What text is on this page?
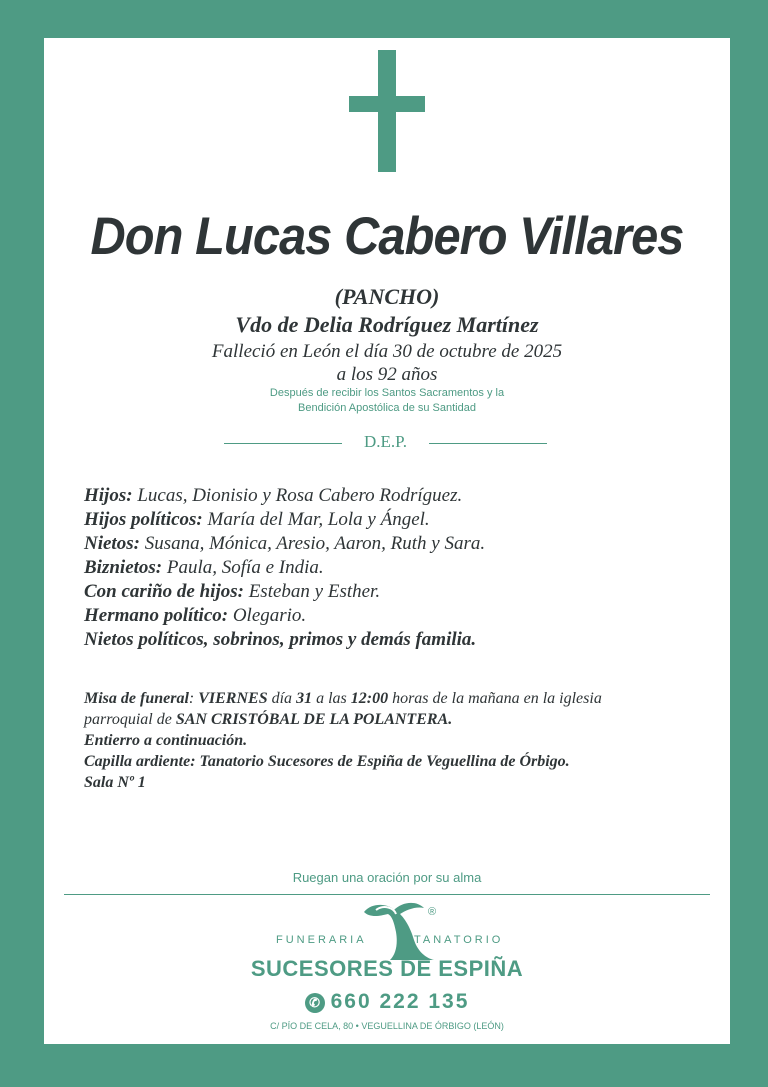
Don Lucas Cabero Villares
(PANCHO)
Vdo de Delia Rodríguez Martínez
Falleció en León el día 30 de octubre de 2025
a los 92 años
Después de recibir los Santos Sacramentos y la
Bendición Apostólica de su Santidad
D.E.P.
Hijos: Lucas, Dionisio y Rosa Cabero Rodríguez.
Hijos políticos: María del Mar, Lola y Ángel.
Nietos: Susana, Mónica, Aresio, Aaron, Ruth y Sara.
Biznietos: Paula, Sofía e India.
Con cariño de hijos: Esteban y Esther.
Hermano político: Olegario.
Nietos políticos, sobrinos, primos y demás familia.
Misa de funeral: VIERNES día 31 a las 12:00 horas de la mañana en la iglesia
parroquial de SAN CRISTÓBAL DE LA POLANTERA.
Entierro a continuación.
Capilla ardiente: Tanatorio Sucesores de Espiña de Veguellina de Órbigo.
Sala Nº 1
Ruegan una oración por su alma
®
FUNERARIA	TANATORIO
SUCESORES DE ESPIÑA
✆ 660 222 135
C/ PÍO DE CELA, 80 • VEGUELLINA DE ÓRBIGO (LEÓN)
